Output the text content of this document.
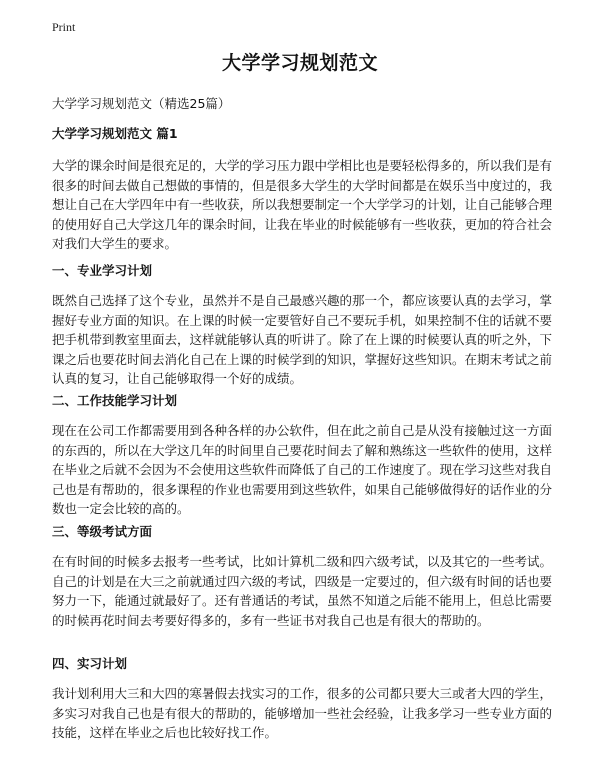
Print
大学学习规划范文
大学学习规划范文（精选25篇）
大学学习规划范文 篇1
大学的课余时间是很充足的，大学的学习压力跟中学相比也是要轻松得多的，所以我们是有很多的时间去做自己想做的事情的，但是很多大学生的大学时间都是在娱乐当中度过的，我想让自己在大学四年中有一些收获，所以我想要制定一个大学学习的计划，让自己能够合理的使用好自己大学这几年的课余时间，让我在毕业的时候能够有一些收获，更加的符合社会对我们大学生的要求。
一、专业学习计划
既然自己选择了这个专业，虽然并不是自己最感兴趣的那一个，都应该要认真的去学习，掌握好专业方面的知识。在上课的时候一定要管好自己不要玩手机，如果控制不住的话就不要把手机带到教室里面去，这样就能够认真的听讲了。除了在上课的时候要认真的听之外，下课之后也要花时间去消化自己在上课的时候学到的知识，掌握好这些知识。在期末考试之前认真的复习，让自己能够取得一个好的成绩。
二、工作技能学习计划
现在在公司工作都需要用到各种各样的办公软件，但在此之前自己是从没有接触过这一方面的东西的，所以在大学这几年的时间里自己要花时间去了解和熟练这一些软件的使用，这样在毕业之后就不会因为不会使用这些软件而降低了自己的工作速度了。现在学习这些对我自己也是有帮助的，很多课程的作业也需要用到这些软件，如果自己能够做得好的话作业的分数也一定会比较的高的。
三、等级考试方面
在有时间的时候多去报考一些考试，比如计算机二级和四六级考试，以及其它的一些考试。自己的计划是在大三之前就通过四六级的考试，四级是一定要过的，但六级有时间的话也要努力一下，能通过就最好了。还有普通话的考试，虽然不知道之后能不能用上，但总比需要的时候再花时间去考要好得多的，多有一些证书对我自己也是有很大的帮助的。
四、实习计划
我计划利用大三和大四的寒暑假去找实习的工作，很多的公司都只要大三或者大四的学生，多实习对我自己也是有很大的帮助的，能够增加一些社会经验，让我多学习一些专业方面的技能，这样在毕业之后也比较好找工作。
